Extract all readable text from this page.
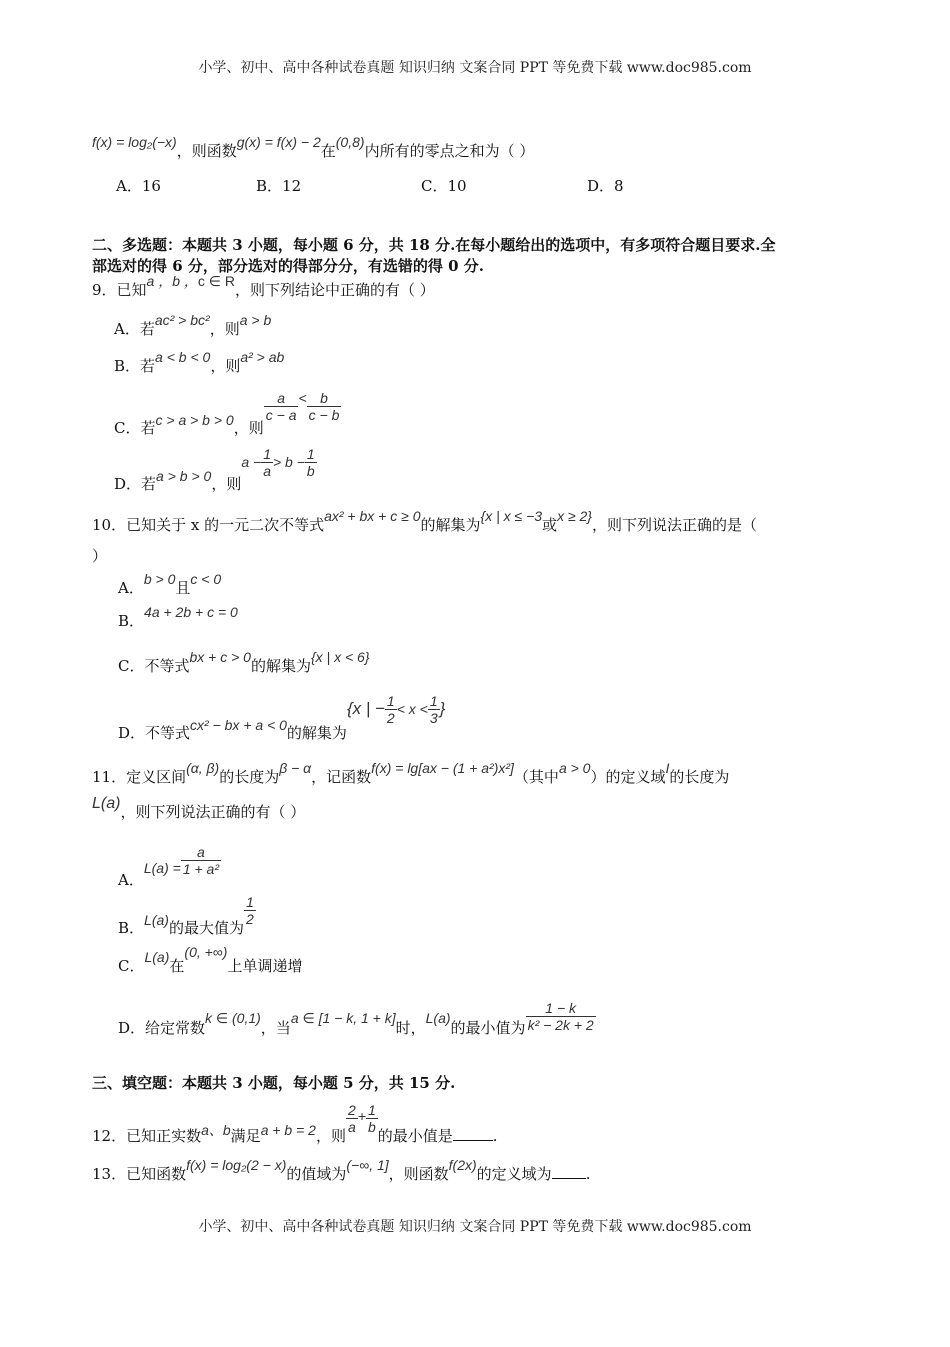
小学、初中、高中各种试卷真题 知识归纳 文案合同 PPT 等免费下载 www.doc985.com
f(x) = log₂(−x)，则函数g(x) = f(x) − 2在(0,8)内所有的零点之和为（ ）
A．16	B．12	C．10	D．8
二、多选题：本题共 3 小题，每小题 6 分，共 18 分.在每小题给出的选项中，有多项符合题目要求.全
部选对的得 6 分，部分选对的得部分分，有选错的得 0 分.
9．已知a ，b ，c ∈ R，则下列结论中正确的有（ ）
A．若ac² > bc²，则a > b
B．若a < b < 0，则a² > ab
C．若c > a > b > 0，则
$\frac{a}{c - a} < \frac{b}{c - b}$
D．若a > b > 0，则$a - \frac{1}{a} > b - \frac{1}{b}$
10．已知关于 x 的一元二次不等式ax² + bx + c ≥ 0的解集为{x | x ≤ −3或x ≥ 2}，则下列说法正确的是（
）
A．b > 0且c < 0
B．4a + 2b + c = 0
C．不等式bx + c > 0的解集为{x | x < 6}
D．不等式cx² − bx + a < 0的解集为{x | − $\frac{1}{2} < x < \frac{1}{3}$ }
11．定义区间(α, β)的长度为β − α，记函数f(x) = lg[ax − (1 + a²)x²]（其中a > 0）的定义域I的长度为
L(a)，则下列说法正确的有（ ）
A．$L(a) = \frac{a}{\text{1 + a²}}$
B．L(a)的最大值为
$\frac{1}{2}$
C．L(a)在(0, +∞)上单调递增
D．给定常数k ∈ (0,1)，当a ∈ [1 − k, 1 + k]时，L(a)的最小值为 $\frac{1 - k}{\text{k² − 2k + 2}}$
三、填空题：本题共 3 小题，每小题 5 分，共 15 分.
12．已知正实数a、b满足a + b = 2，则
$\frac{2}{a} + \frac{1}{b}$
的最小值是	.
13．已知函数f(x) = log₂(2 − x)的值域为(−∞, 1]，则函数f(2x)的定义域为 .
小学、初中、高中各种试卷真题 知识归纳 文案合同 PPT 等免费下载 www.doc985.com
